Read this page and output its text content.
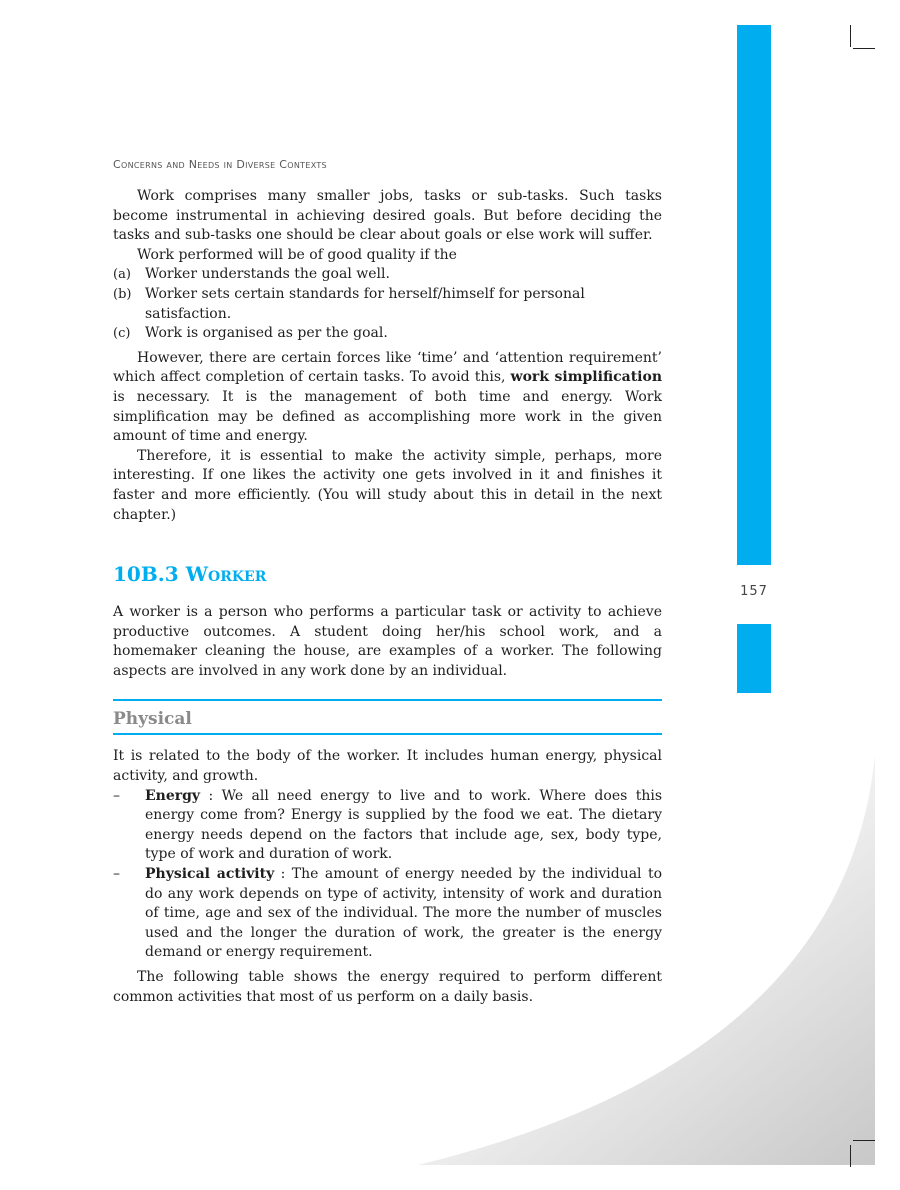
157
Concerns and Needs in Diverse Contexts

Work comprises many smaller jobs, tasks or sub-tasks. Such tasks become instrumental in achieving desired goals. But before deciding the tasks and sub-tasks one should be clear about goals or else work will suffer.

Work performed will be of good quality if the

(a)	Worker understands the goal well.
(b) Worker sets certain standards for herself/himself for personal satisfaction.
(c)	Work is organised as per the goal.

However, there are certain forces like ‘time’ and ‘attention requirement’ which affect completion of certain tasks. To avoid this, work simplification is necessary. It is the management of both time and energy. Work simplification may be defined as accomplishing more work in the given amount of time and energy.

Therefore, it is essential to make the activity simple, perhaps, more interesting. If one likes the activity one gets involved in it and finishes it faster and more efficiently. (You will study about this in detail in the next chapter.)

10B.3 Worker

A worker is a person who performs a particular task or activity to achieve productive outcomes. A student doing her/his school work, and a homemaker cleaning the house, are examples of a worker. The following aspects are involved in any work done by an individual.

Physical

It is related to the body of the worker. It includes human energy, physical activity, and growth.

–	Energy : We all need energy to live and to work. Where does this energy come from? Energy is supplied by the food we eat. The dietary energy needs depend on the factors that include age, sex, body type, type of work and duration of work.
–	Physical activity : The amount of energy needed by the individual to do any work depends on type of activity, intensity of work and duration of time, age and sex of the individual. The more the number of muscles used and the longer the duration of work, the greater is the energy demand or energy requirement.

The following table shows the energy required to perform different common activities that most of us perform on a daily basis.
